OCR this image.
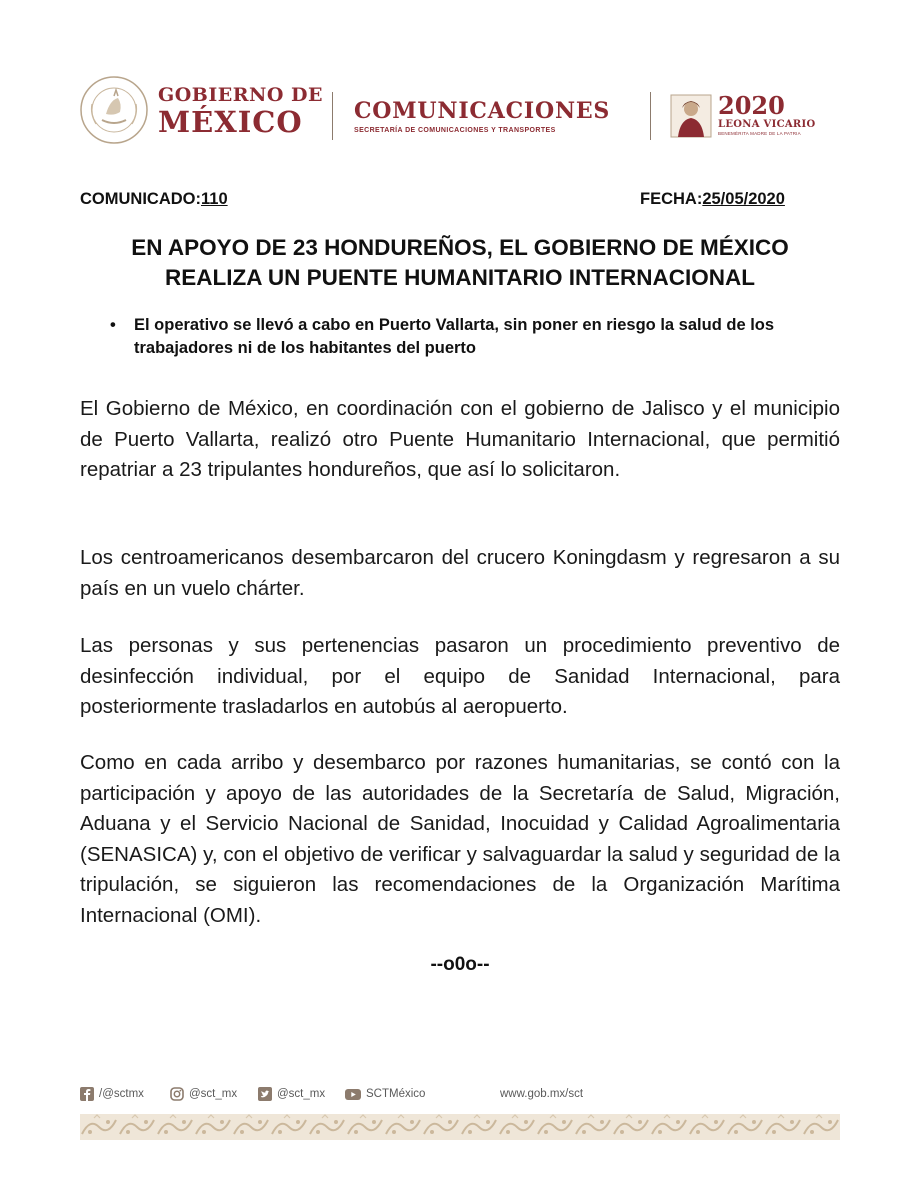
GOBIERNO DE
MÉXICO	COMUNICACIONES
SECRETARÍA DE COMUNICACIONES Y TRANSPORTES
2020
LEONA VICARIO
BENEMÉRITA MADRE DE LA PATRIA
COMUNICADO:110	FECHA:25/05/2020
EN APOYO DE 23 HONDUREÑOS, EL GOBIERNO DE MÉXICO
REALIZA UN PUENTE HUMANITARIO INTERNACIONAL
• El operativo se llevó a cabo en Puerto Vallarta, sin poner en riesgo la salud de los trabajadores ni de los habitantes del puerto

El Gobierno de México, en coordinación con el gobierno de Jalisco y el municipio de Puerto Vallarta, realizó otro Puente Humanitario Internacional, que permitió repatriar a 23 tripulantes hondureños, que así lo solicitaron.

Los centroamericanos desembarcaron del crucero Koningdasm y regresaron a su país en un vuelo chárter.

Las personas y sus pertenencias pasaron un procedimiento preventivo de desinfección individual, por el equipo de Sanidad Internacional, para posteriormente trasladarlos en autobús al aeropuerto.

Como en cada arribo y desembarco por razones humanitarias, se contó con la participación y apoyo de las autoridades de la Secretaría de Salud, Migración, Aduana y el Servicio Nacional de Sanidad, Inocuidad y Calidad Agroalimentaria (SENASICA) y, con el objetivo de verificar y salvaguardar la salud y seguridad de la tripulación, se siguieron las recomendaciones de la Organización Marítima Internacional (OMI).

--o0o--
/@sctmx	@sct_mx	@sct_mx	SCTMéxico	www.gob.mx/sct
